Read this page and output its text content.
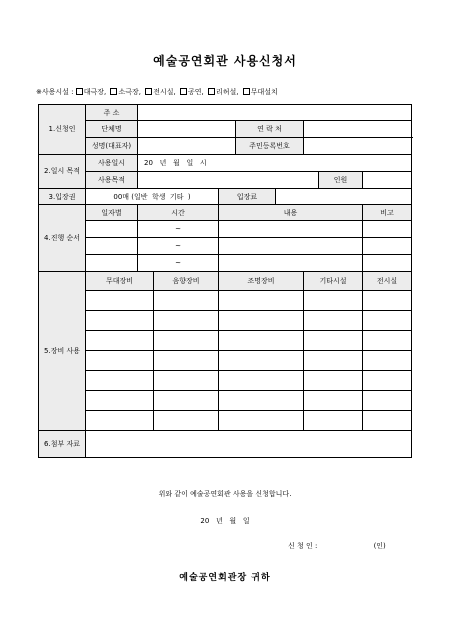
예술공연회관 사용신청서
※사용시설 : 대극장, 소극장, 전시실, 공연, 리허설, 무대설치
1.신청인	주 소								
	단체명				연 락 처				
	성명(대표자)				주민등록번호				
2.일시 목적	사용일시	20   년   월   일   시							
	사용목적							인원	
3.입장권	00매 (일반  학생  기타  )			입장료					
4.진행 순서	일자별	시간		내용					비고
		~							
		~							
		~							
5.장비 사용	무대장비		음향장비	조명장비			기타시설		전시실

6.첨부 자료									
위와 같이 예술공연회관 사용을 신청합니다.
20   년   월   일
신 청 인 :	(인)
예술공연회관장 귀하
